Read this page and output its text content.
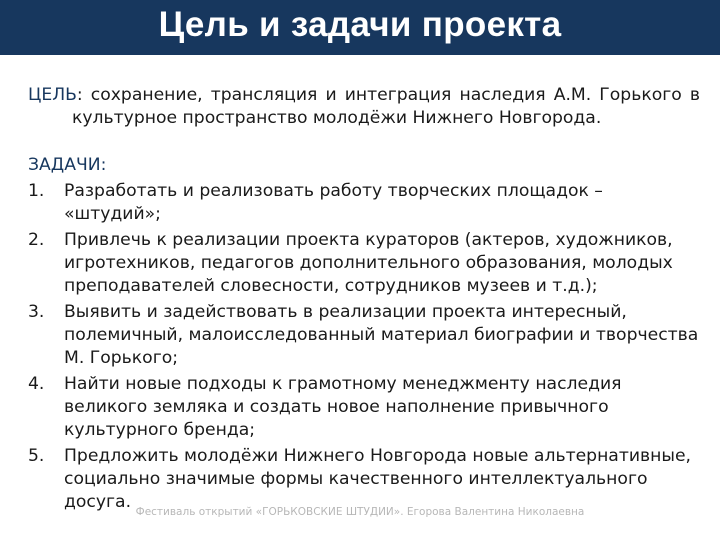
Цель и задачи проекта

ЦЕЛЬ: сохранение, трансляция и интеграция наследия А.М. Горького в культурное пространство молодёжи Нижнего Новгорода.

ЗАДАЧИ:
1. Разработать и реализовать работу творческих площадок – «штудий»;
2. Привлечь к реализации проекта кураторов (актеров, художников, игротехников, педагогов дополнительного образования, молодых преподавателей словесности, сотрудников музеев и т.д.);
3. Выявить и задействовать в реализации проекта интересный, полемичный, малоисследованный материал биографии и творчества М. Горького;
4. Найти новые подходы к грамотному менеджменту наследия великого земляка и создать новое наполнение привычного культурного бренда;
5. Предложить молодёжи Нижнего Новгорода новые альтернативные, социально значимые формы качественного интеллектуального досуга. Фестиваль открытий «ГОРЬКОВСКИЕ ШТУДИИ». Егорова Валентина Николаевна
